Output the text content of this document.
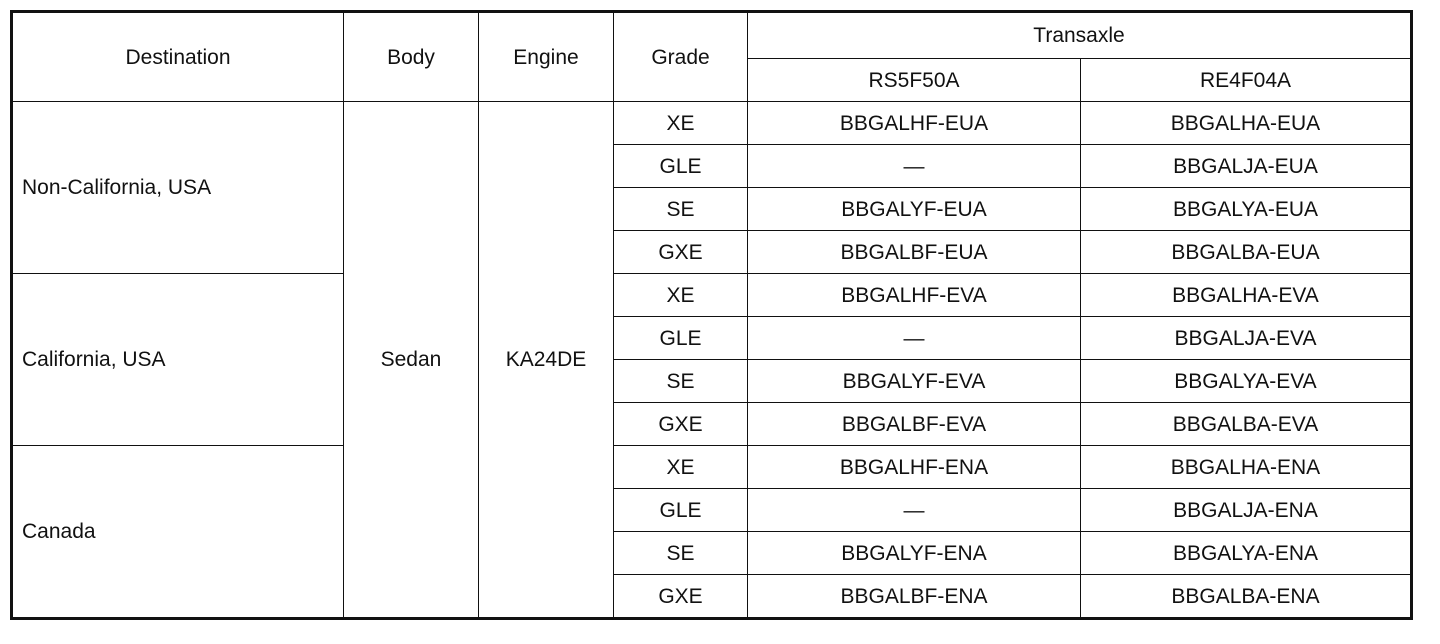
Destination	Body	Engine	Grade	Transaxle	
				RS5F50A	RE4F04A
Non-California, USA	Sedan	KA24DE	XE	BBGALHF-EUA	BBGALHA-EUA
			GLE	—	BBGALJA-EUA
			SE	BBGALYF-EUA	BBGALYA-EUA
			GXE	BBGALBF-EUA	BBGALBA-EUA
California, USA			XE	BBGALHF-EVA	BBGALHA-EVA
			GLE	—	BBGALJA-EVA
			SE	BBGALYF-EVA	BBGALYA-EVA
			GXE	BBGALBF-EVA	BBGALBA-EVA
Canada			XE	BBGALHF-ENA	BBGALHA-ENA
			GLE	—	BBGALJA-ENA
			SE	BBGALYF-ENA	BBGALYA-ENA
			GXE	BBGALBF-ENA	BBGALBA-ENA
